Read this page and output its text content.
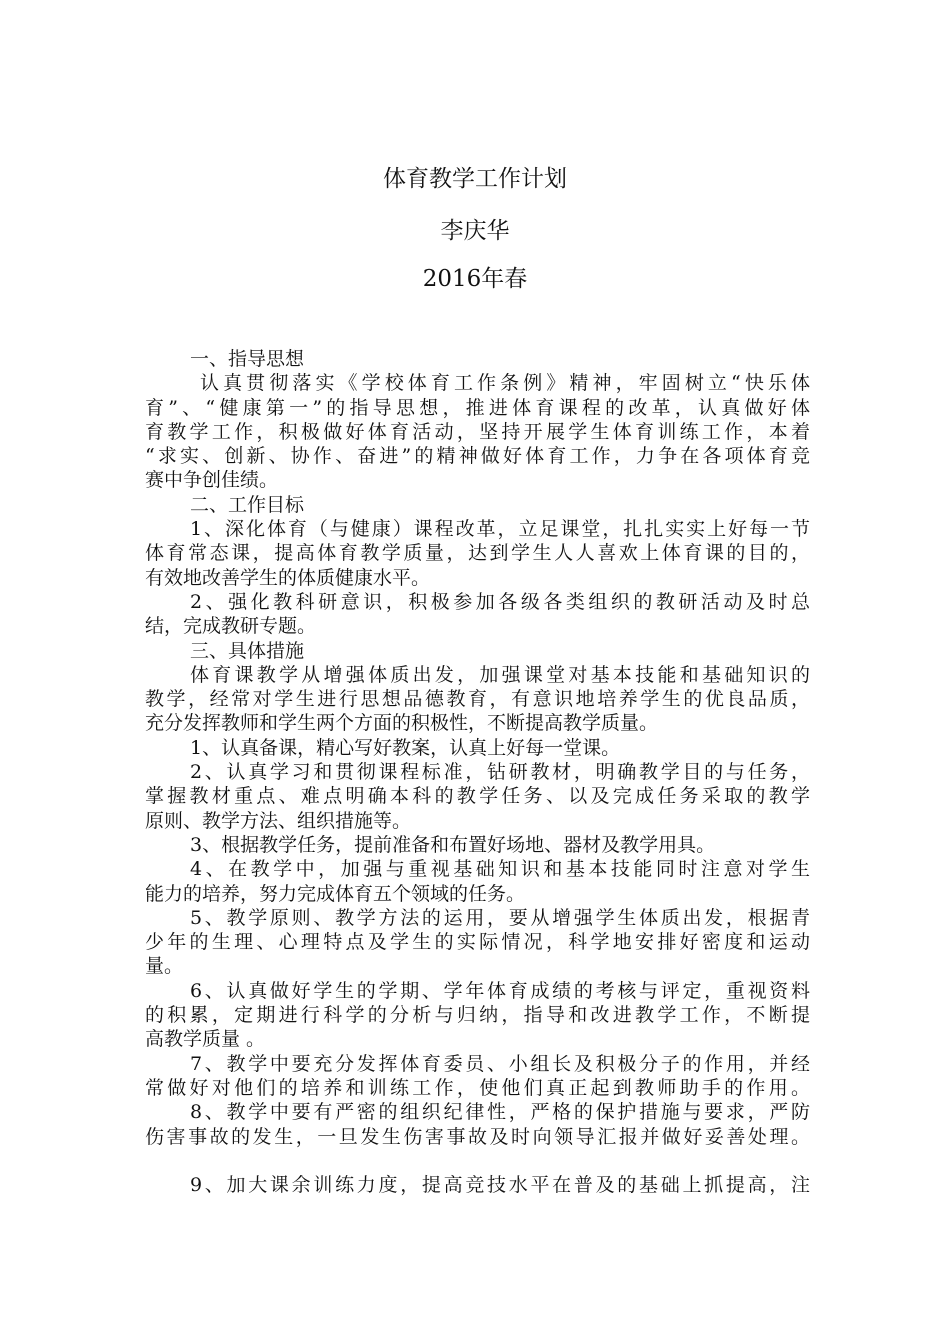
体育教学工作计划
李庆华
2016年春
一、指导思想
认真贯彻落实《学校体育工作条例》精神，牢固树立“快乐体
育”、“健康第一”的指导思想，推进体育课程的改革，认真做好体
育教学工作，积极做好体育活动，坚持开展学生体育训练工作，本着
“求实、创新、协作、奋进”的精神做好体育工作，力争在各项体育竞
赛中争创佳绩。
二、工作目标
1、深化体育（与健康）课程改革，立足课堂，扎扎实实上好每一节
体育常态课，提高体育教学质量，达到学生人人喜欢上体育课的目的，
有效地改善学生的体质健康水平。
2、强化教科研意识，积极参加各级各类组织的教研活动及时总
结，完成教研专题。
三、具体措施
体育课教学从增强体质出发，加强课堂对基本技能和基础知识的
教学，经常对学生进行思想品德教育，有意识地培养学生的优良品质，
充分发挥教师和学生两个方面的积极性，不断提高教学质量。
1、认真备课，精心写好教案，认真上好每一堂课。
2、认真学习和贯彻课程标准，钻研教材，明确教学目的与任务，
掌握教材重点、难点明确本科的教学任务、以及完成任务采取的教学
原则、教学方法、组织措施等。
3、根据教学任务，提前准备和布置好场地、器材及教学用具。
4、在教学中，加强与重视基础知识和基本技能同时注意对学生
能力的培养，努力完成体育五个领域的任务。
5、教学原则、教学方法的运用，要从增强学生体质出发，根据青
少年的生理、心理特点及学生的实际情况，科学地安排好密度和运动
量。
6、认真做好学生的学期、学年体育成绩的考核与评定，重视资料
的积累，定期进行科学的分析与归纳，指导和改进教学工作，不断提
高教学质量 。
7、教学中要充分发挥体育委员、小组长及积极分子的作用，并经
常做好对他们的培养和训练工作，使他们真正起到教师助手的作用。
8、教学中要有严密的组织纪律性，严格的保护措施与要求，严防
伤害事故的发生，一旦发生伤害事故及时向领导汇报并做好妥善处理。
9、加大课余训练力度，提高竞技水平在普及的基础上抓提高，注
